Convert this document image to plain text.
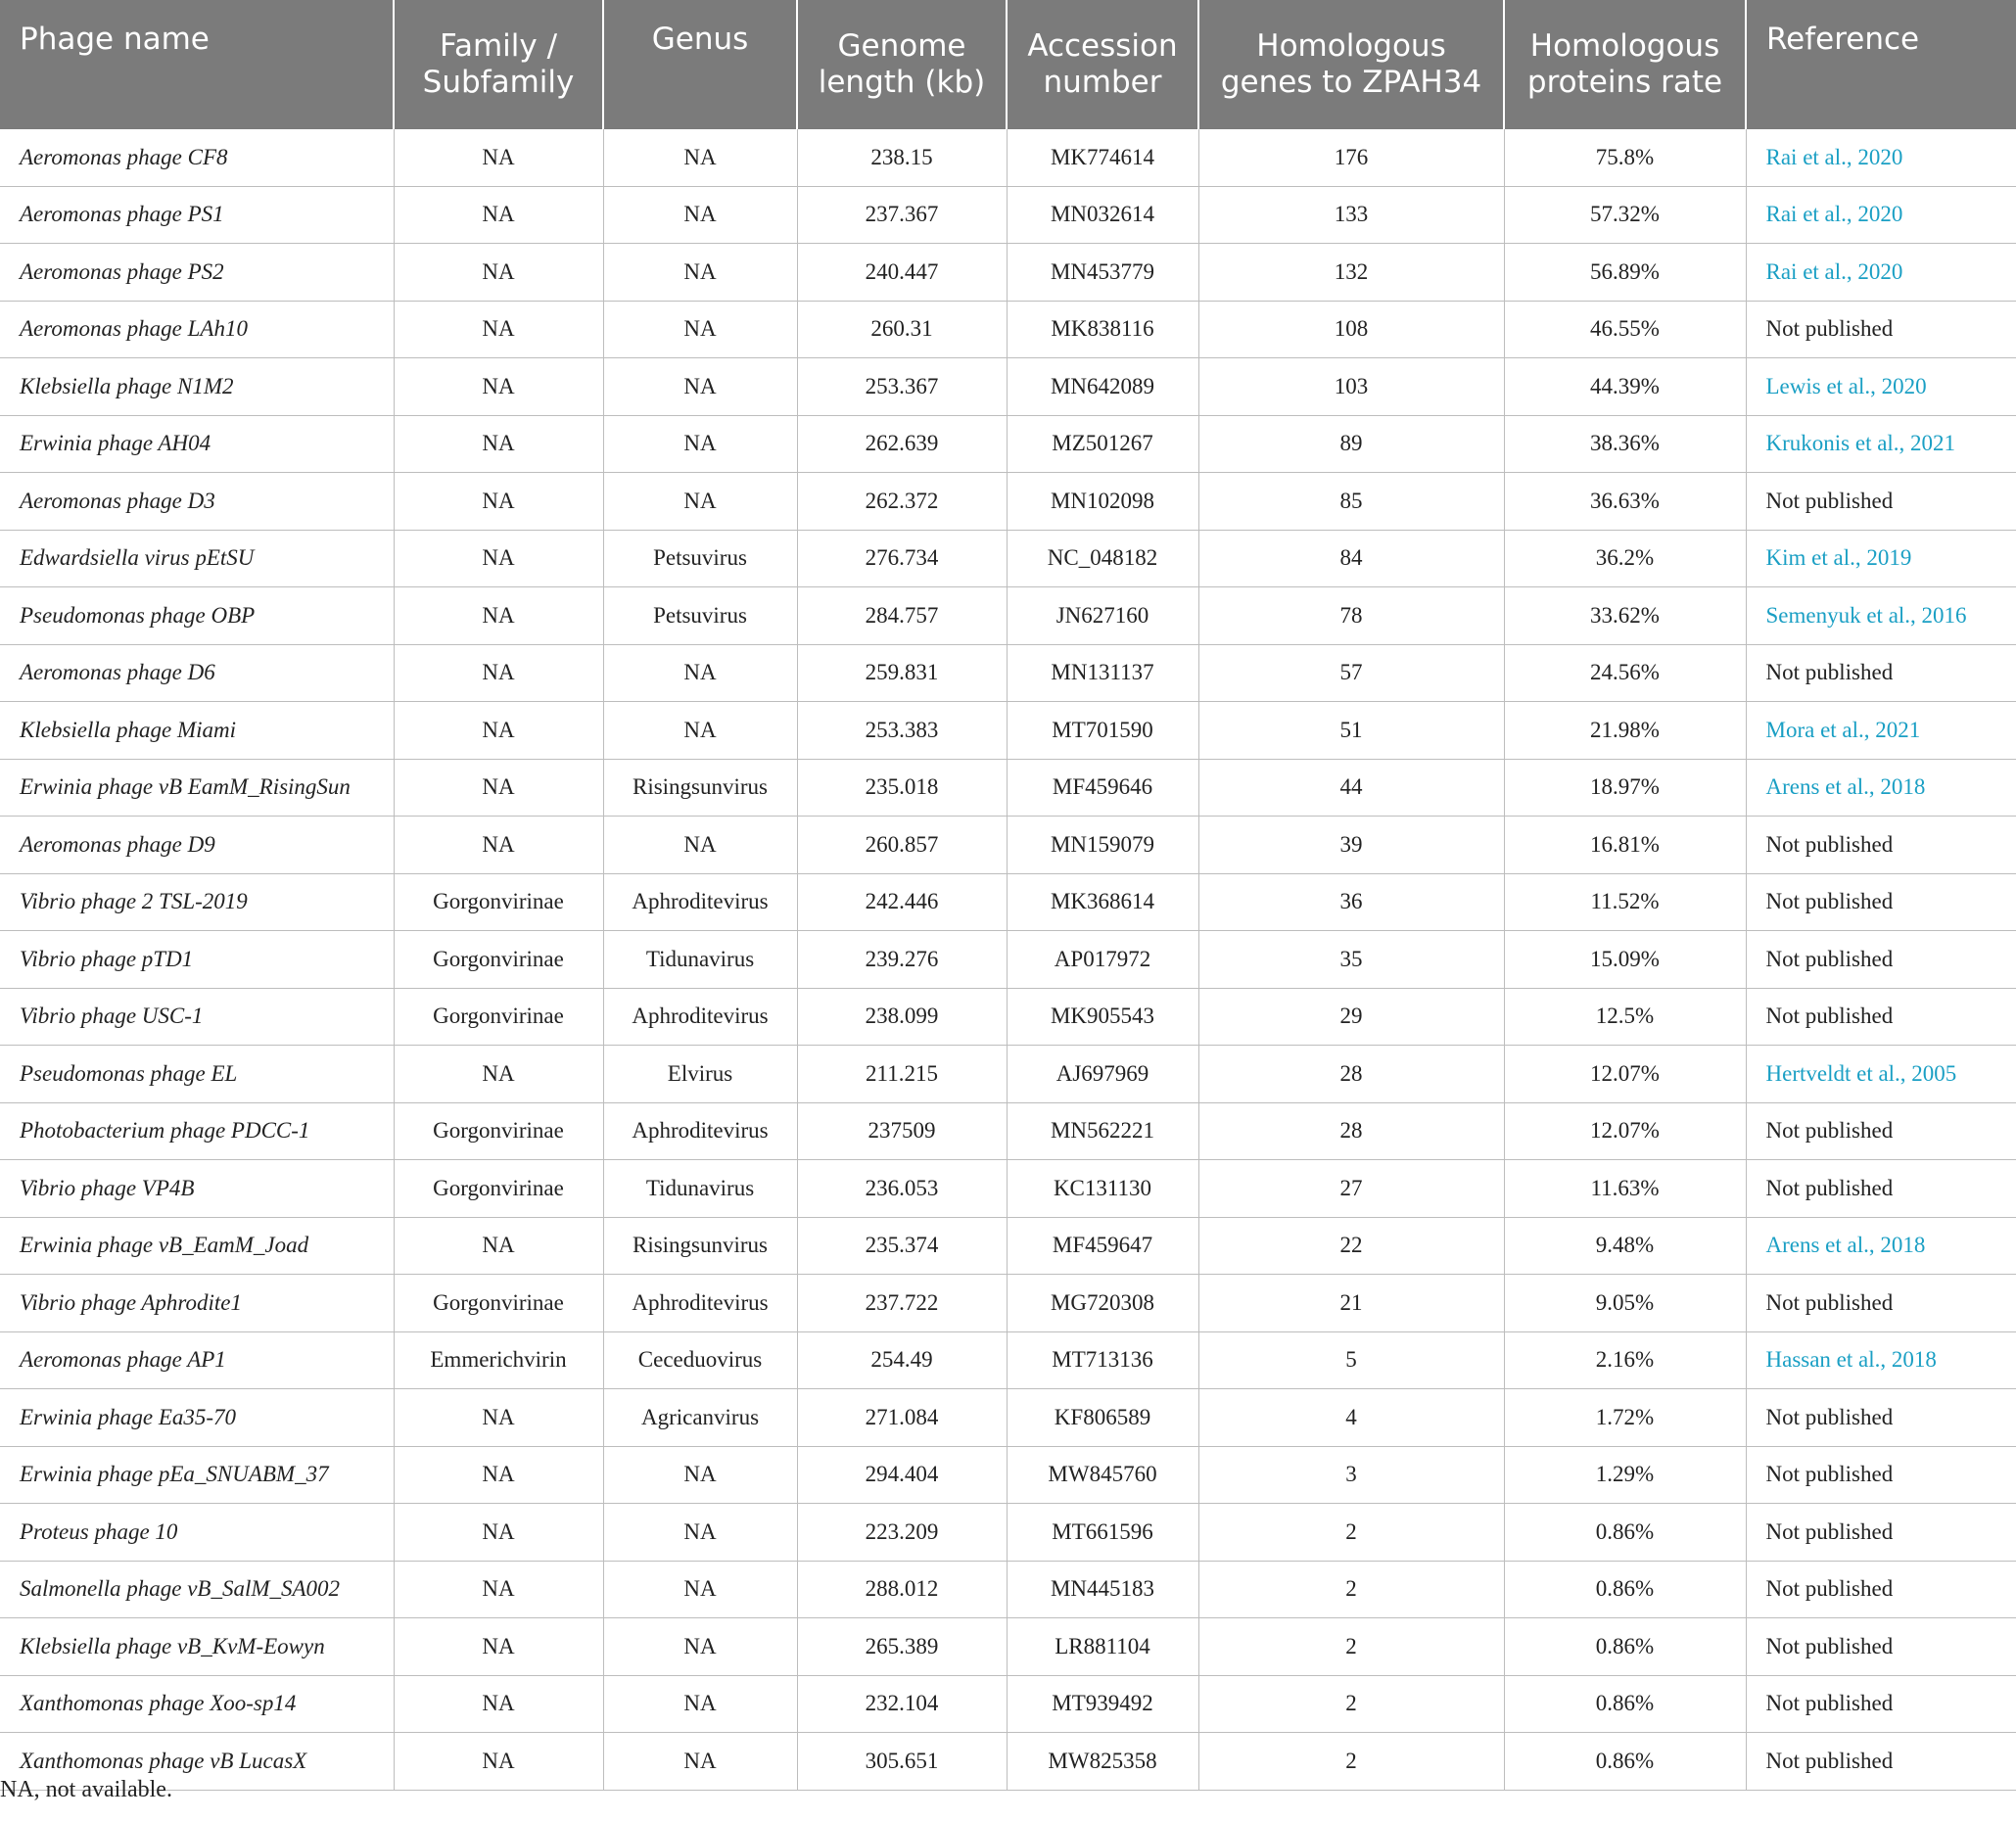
Phage name	Family / Subfamily	Genus	Genome length (kb)	Accession number	Homologous genes to ZPAH34	Homologous proteins rate	Reference
Aeromonas phage CF8	NA	NA	238.15	MK774614	176	75.8%	Rai et al., 2020
Aeromonas phage PS1	NA	NA	237.367	MN032614	133	57.32%	Rai et al., 2020
Aeromonas phage PS2	NA	NA	240.447	MN453779	132	56.89%	Rai et al., 2020
Aeromonas phage LAh10	NA	NA	260.31	MK838116	108	46.55%	Not published
Klebsiella phage N1M2	NA	NA	253.367	MN642089	103	44.39%	Lewis et al., 2020
Erwinia phage AH04	NA	NA	262.639	MZ501267	89	38.36%	Krukonis et al., 2021
Aeromonas phage D3	NA	NA	262.372	MN102098	85	36.63%	Not published
Edwardsiella virus pEtSU	NA	Petsuvirus	276.734	NC_048182	84	36.2%	Kim et al., 2019
Pseudomonas phage OBP	NA	Petsuvirus	284.757	JN627160	78	33.62%	Semenyuk et al., 2016
Aeromonas phage D6	NA	NA	259.831	MN131137	57	24.56%	Not published
Klebsiella phage Miami	NA	NA	253.383	MT701590	51	21.98%	Mora et al., 2021
Erwinia phage vB EamM_RisingSun	NA	Risingsunvirus	235.018	MF459646	44	18.97%	Arens et al., 2018
Aeromonas phage D9	NA	NA	260.857	MN159079	39	16.81%	Not published
Vibrio phage 2 TSL-2019	Gorgonvirinae	Aphroditevirus	242.446	MK368614	36	11.52%	Not published
Vibrio phage pTD1	Gorgonvirinae	Tidunavirus	239.276	AP017972	35	15.09%	Not published
Vibrio phage USC-1	Gorgonvirinae	Aphroditevirus	238.099	MK905543	29	12.5%	Not published
Pseudomonas phage EL	NA	Elvirus	211.215	AJ697969	28	12.07%	Hertveldt et al., 2005
Photobacterium phage PDCC-1	Gorgonvirinae	Aphroditevirus	237509	MN562221	28	12.07%	Not published
Vibrio phage VP4B	Gorgonvirinae	Tidunavirus	236.053	KC131130	27	11.63%	Not published
Erwinia phage vB_EamM_Joad	NA	Risingsunvirus	235.374	MF459647	22	9.48%	Arens et al., 2018
Vibrio phage Aphrodite1	Gorgonvirinae	Aphroditevirus	237.722	MG720308	21	9.05%	Not published
Aeromonas phage AP1	Emmerichvirin	Ceceduovirus	254.49	MT713136	5	2.16%	Hassan et al., 2018
Erwinia phage Ea35-70	NA	Agricanvirus	271.084	KF806589	4	1.72%	Not published
Erwinia phage pEa_SNUABM_37	NA	NA	294.404	MW845760	3	1.29%	Not published
Proteus phage 10	NA	NA	223.209	MT661596	2	0.86%	Not published
Salmonella phage vB_SalM_SA002	NA	NA	288.012	MN445183	2	0.86%	Not published
Klebsiella phage vB_KvM-Eowyn	NA	NA	265.389	LR881104	2	0.86%	Not published
Xanthomonas phage Xoo-sp14	NA	NA	232.104	MT939492	2	0.86%	Not published
Xanthomonas phage vB LucasX	NA	NA	305.651	MW825358	2	0.86%	Not published
NA, not available.
